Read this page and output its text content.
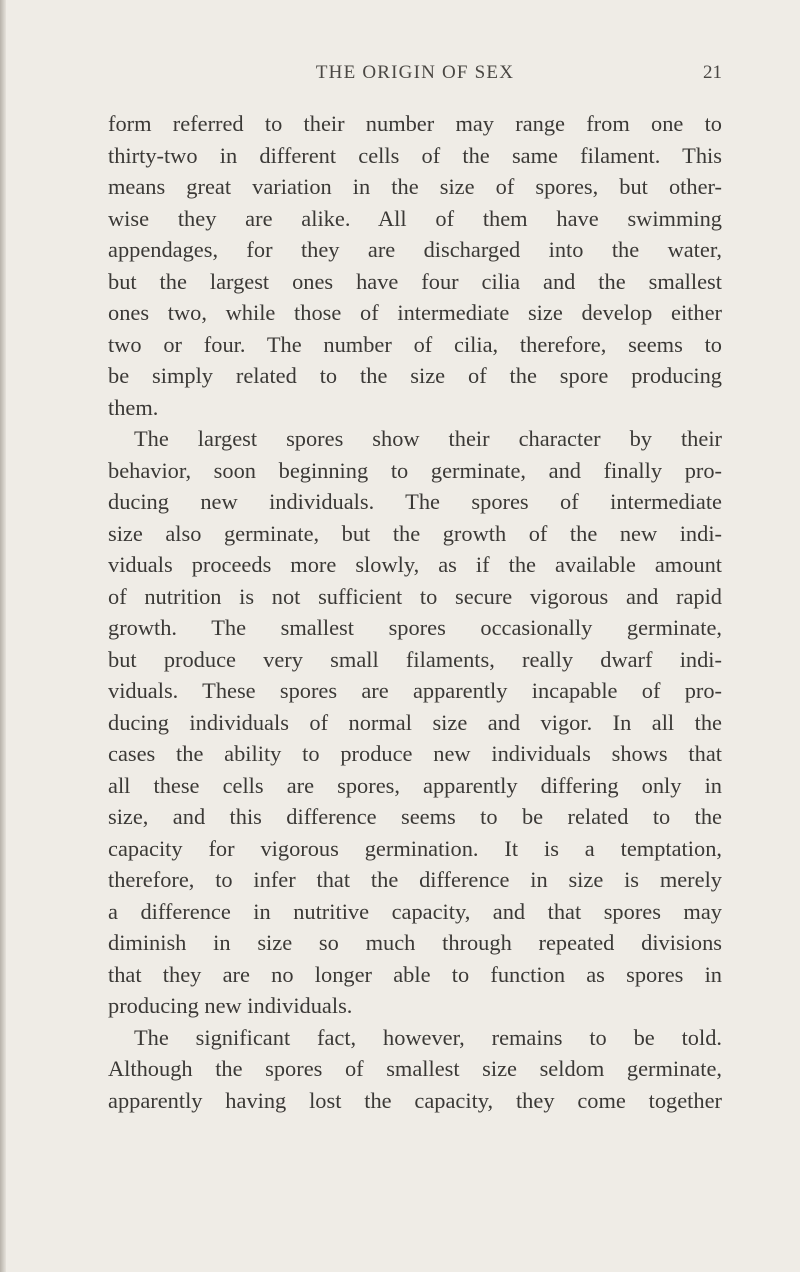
THE ORIGIN OF SEX	21
form referred to their number may range from one to
thirty-two in different cells of the same filament. This
means great variation in the size of spores, but other-
wise they are alike. All of them have swimming
appendages, for they are discharged into the water,
but the largest ones have four cilia and the smallest
ones two, while those of intermediate size develop either
two or four. The number of cilia, therefore, seems to
be simply related to the size of the spore producing
them.
The largest spores show their character by their
behavior, soon beginning to germinate, and finally pro-
ducing new individuals. The spores of intermediate
size also germinate, but the growth of the new indi-
viduals proceeds more slowly, as if the available amount
of nutrition is not sufficient to secure vigorous and rapid
growth. The smallest spores occasionally germinate,
but produce very small filaments, really dwarf indi-
viduals. These spores are apparently incapable of pro-
ducing individuals of normal size and vigor. In all the
cases the ability to produce new individuals shows that
all these cells are spores, apparently differing only in
size, and this difference seems to be related to the
capacity for vigorous germination. It is a temptation,
therefore, to infer that the difference in size is merely
a difference in nutritive capacity, and that spores may
diminish in size so much through repeated divisions
that they are no longer able to function as spores in
producing new individuals.
The significant fact, however, remains to be told.
Although the spores of smallest size seldom germinate,
apparently having lost the capacity, they come together
